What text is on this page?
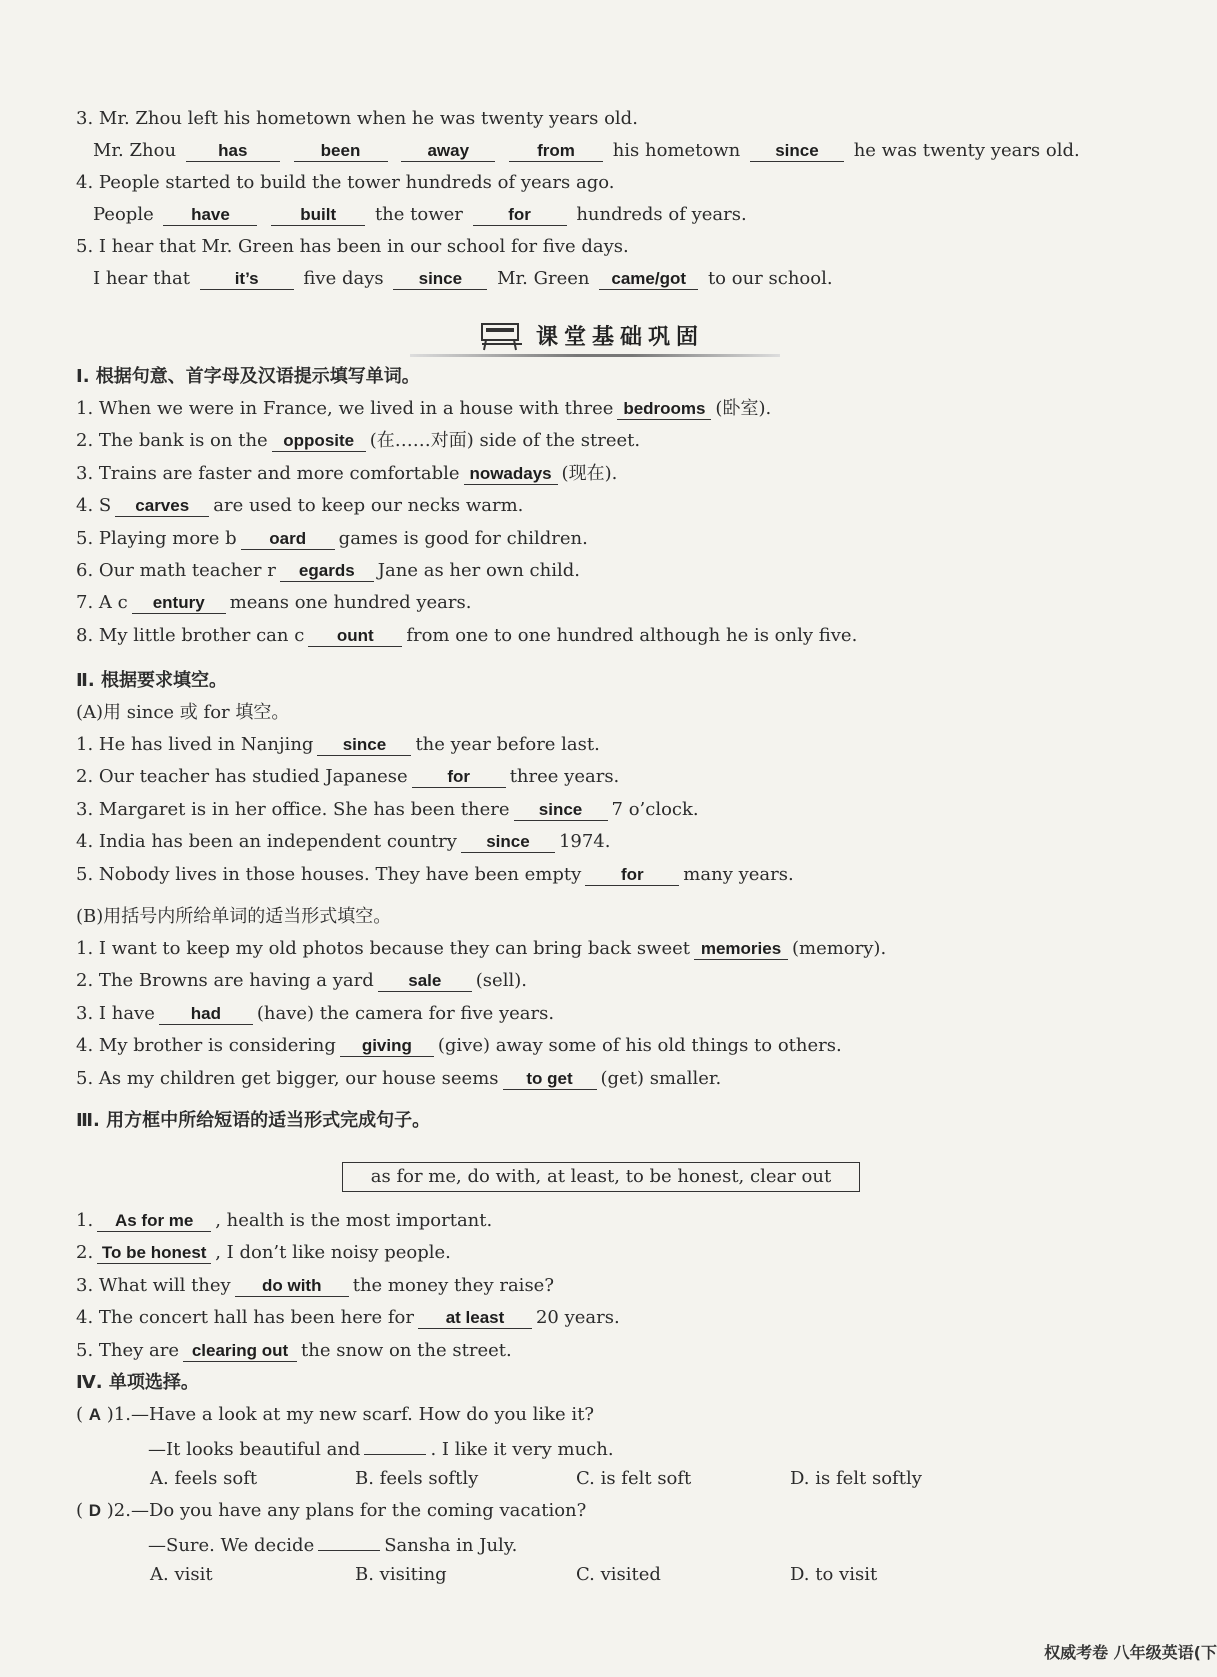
3. Mr. Zhou left his hometown when he was twenty years old.
Mr. Zhou has	been	away	from his hometown since he was twenty years old.
4. People started to build the tower hundreds of years ago.
People have	built the tower	for	hundreds of years.
5. I hear that Mr. Green has been in our school for five days.
I hear that	it’s five days since Mr. Green came/got to our school.
课堂基础巩固
Ⅰ. 根据句意、首字母及汉语提示填写单词。
1. When we were in France, we lived in a house with three bedrooms (卧室).
2. The bank is on the opposite (在……对面) side of the street.
3. Trains are faster and more comfortable nowadays (现在).
4. S carves are used to keep our necks warm.
5. Playing more b oard games is good for children.
6. Our math teacher r egards Jane as her own child.
7. A c entury means one hundred years.
8. My little brother can c ount from one to one hundred although he is only five.
Ⅱ. 根据要求填空。
(A)用 since 或 for 填空。
1. He has lived in Nanjing since the year before last.
2. Our teacher has studied Japanese for three years.
3. Margaret is in her office. She has been there since 7 o’clock.
4. India has been an independent country since 1974.
5. Nobody lives in those houses. They have been empty for many years.
(B)用括号内所给单词的适当形式填空。
1. I want to keep my old photos because they can bring back sweet memories (memory).
2. The Browns are having a yard sale (sell).
3. I have had (have) the camera for five years.
4. My brother is considering giving (give) away some of his old things to others.
5. As my children get bigger, our house seems to get (get) smaller.
Ⅲ. 用方框中所给短语的适当形式完成句子。
as for me, do with, at least, to be honest, clear out
1. As for me , health is the most important.
2. To be honest , I don’t like noisy people.
3. What will they do with the money they raise?
4. The concert hall has been here for at least 20 years.
5. They are clearing out the snow on the street.
Ⅳ. 单项选择。
( A )1.—Have a look at my new scarf. How do you like it?
—It looks beautiful and	. I like it very much.
A. feels soft	B. feels softly	C. is felt soft	D. is felt softly
( D )2.—Do you have any plans for the coming vacation?
—Sure. We decide	Sansha in July.
A. visit	B. visiting	C. visited	D. to visit
权威考卷 八年级英语(下
